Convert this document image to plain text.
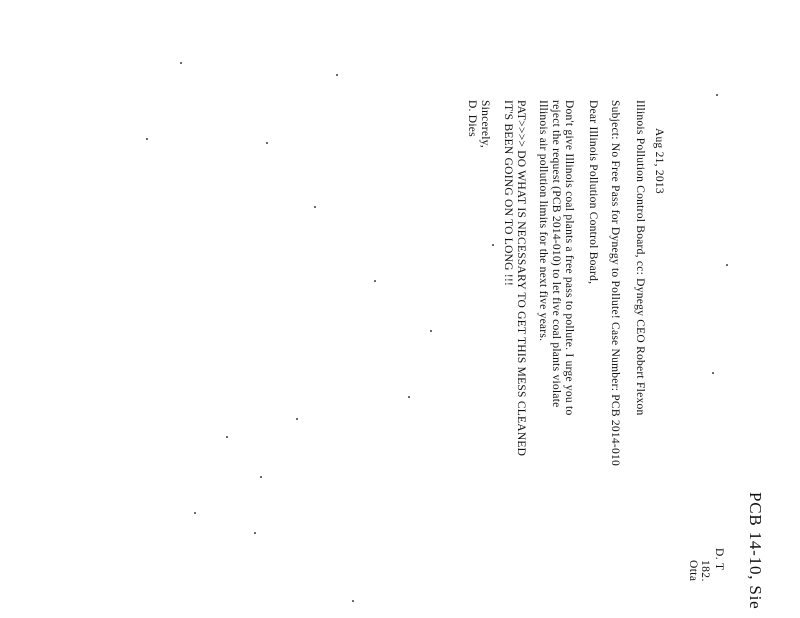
PCB 14-10, Sie
D. T
182.
Otta
Aug 21, 2013
Illinois Pollution Control Board, cc: Dynegy CEO Robert Flexon
Subject: No Free Pass for Dynegy to Pollute! Case Number: PCB 2014-010
Dear Illinois Pollution Control Board,
Don't give Illinois coal plants a free pass to pollute. I urge you to
reject the request (PCB 2014-010) to let five coal plants violate
Illinois air pollution limits for the next five years.
PAT>>>> DO WHAT IS NECESSARY TO GET THIS MESS CLEANED
IT'S BEEN GOING ON TO LONG !!!
Sincerely,
D. Dies
